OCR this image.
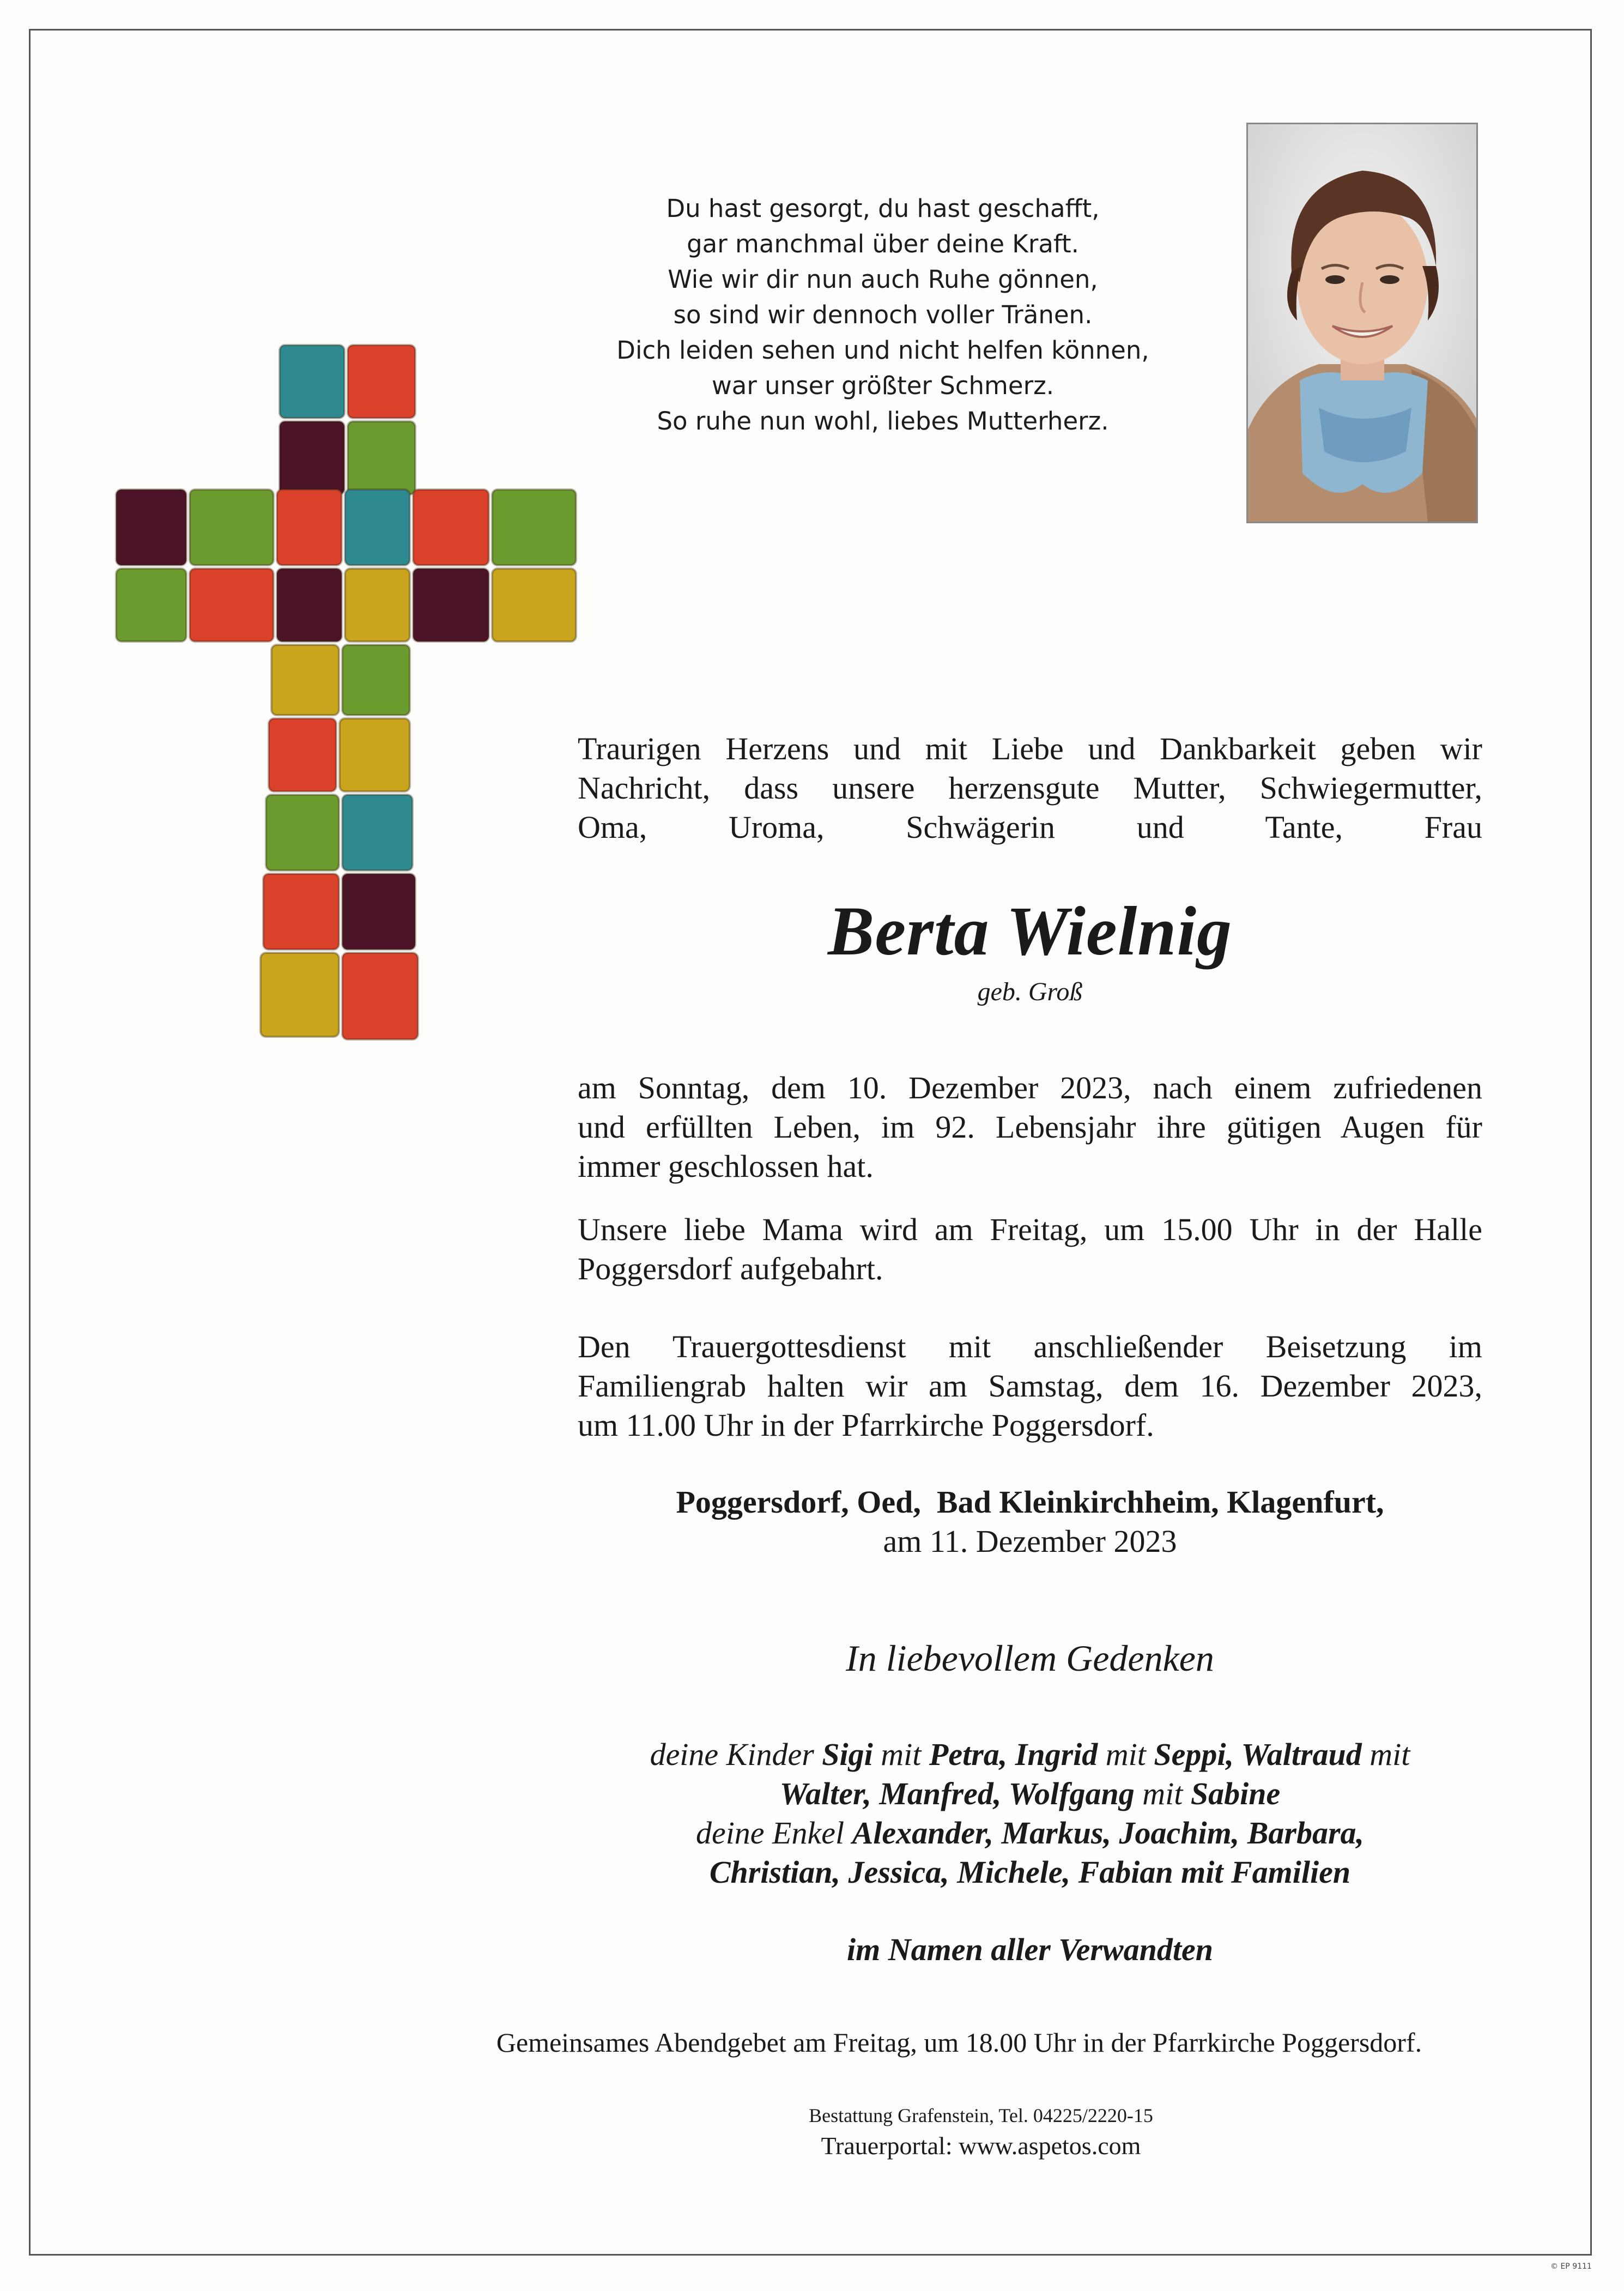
Du hast gesorgt, du hast geschafft,
gar manchmal über deine Kraft.
Wie wir dir nun auch Ruhe gönnen,
so sind wir dennoch voller Tränen.
Dich leiden sehen und nicht helfen können,
war unser größter Schmerz.
So ruhe nun wohl, liebes Mutterherz.
Traurigen Herzens und mit Liebe und Dankbarkeit geben wir
Nachricht, dass unsere herzensgute Mutter, Schwiegermutter,
Oma, Uroma, Schwägerin und Tante, Frau
Berta Wielnig
geb. Groß
am Sonntag, dem 10. Dezember 2023, nach einem zufriedenen
und erfüllten Leben, im 92. Lebensjahr ihre gütigen Augen für
immer geschlossen hat.
Unsere liebe Mama wird am Freitag, um 15.00 Uhr in der Halle
Poggersdorf aufgebahrt.
Den Trauergottesdienst mit anschließender Beisetzung im
Familiengrab halten wir am Samstag, dem 16. Dezember 2023,
um 11.00 Uhr in der Pfarrkirche Poggersdorf.
Poggersdorf, Oed,  Bad Kleinkirchheim, Klagenfurt,
am 11. Dezember 2023
In liebevollem Gedenken
deine Kinder Sigi mit Petra, Ingrid mit Seppi, Waltraud mit
Walter, Manfred, Wolfgang mit Sabine
deine Enkel Alexander, Markus, Joachim, Barbara,
Christian, Jessica, Michele, Fabian mit Familien
im Namen aller Verwandten
Gemeinsames Abendgebet am Freitag, um 18.00 Uhr in der Pfarrkirche Poggersdorf.
Bestattung Grafenstein, Tel. 04225/2220-15
Trauerportal: www.aspetos.com
© EP 9111
